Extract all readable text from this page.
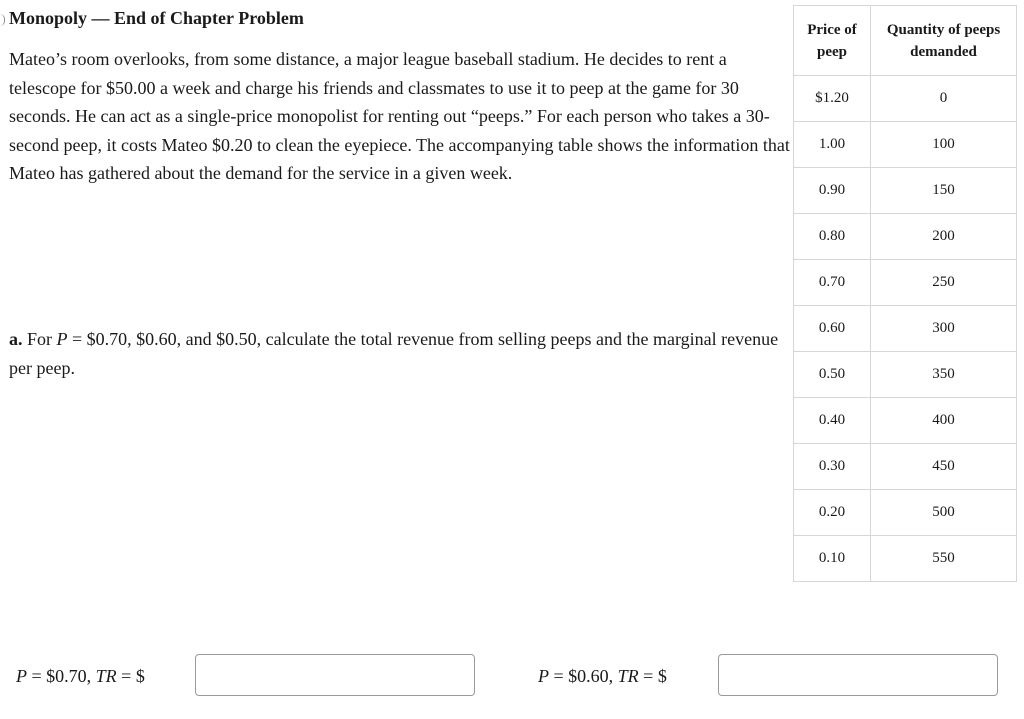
Monopoly — End of Chapter Problem

Mateo’s room overlooks, from some distance, a major league baseball stadium. He decides to rent a telescope for $50.00 a week and charge his friends and classmates to use it to peep at the game for 30 seconds. He can act as a single-price monopolist for renting out “peeps.” For each person who takes a 30-second peep, it costs Mateo $0.20 to clean the eyepiece. The accompanying table shows the information that Mateo has gathered about the demand for the service in a given week.

Price of peep	Quantity of peeps demanded
$1.20	0
1.00	100
0.90	150
0.80	200
0.70	250
0.60	300
0.50	350
0.40	400
0.30	450
0.20	500
0.10	550

a. For P = $0.70, $0.60, and $0.50, calculate the total revenue from selling peeps and the marginal revenue per peep.

P = $0.70, TR = $	P = $0.60, TR = $
